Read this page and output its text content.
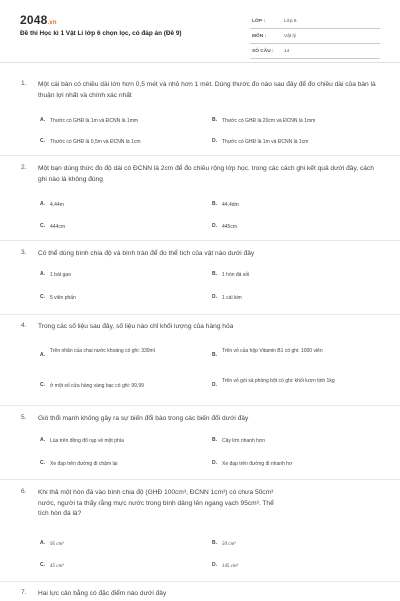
2048.vn
Đề thi Học kì 1 Vật Lí lớp 6 chọn lọc, có đáp án (Đề 9)
LỚP :	Lớp 6
MÔN :	Vật lý
SỐ CÂU : 14
1. Một cái bàn có chiều dài lớn hơn 0,5 mét và nhỏ hơn 1 mét. Dùng thước đo nào sau đây để đo chiều dài của bàn là thuận lợi nhất và chính xác nhất
A. Thước có GHĐ là 1m và ĐCNN là 1mm	B. Thước có GHĐ là 20cm và ĐCNN là 1mm
C. Thước có GHĐ là 0,5m và ĐCNN là 1cm	D. Thước có GHĐ là 1m và ĐCNN là 1cm
2. Một bạn dùng thức đo độ dài có ĐCNN là 2cm để đo chiều rộng lớp học. trong các cách ghi kết quả dưới đây, cách ghi nào là không đúng
A. 4,44m	B. 44,4dm
C. 444cm	D. 445cm
3. Có thể dùng bình chia độ và bình tràn để đo thể tích của vật nào dưới đây
A. 1 bát gạo	B. 1 hòn đá sỏi
C. 5 viên phấn	D. 1 cái kim
4. Trong các số liệu sau đây, số liệu nào chỉ khối lượng của hàng hóa
A.
Trên nhãn của chai nước khoáng có ghi: 330ml
B.
Trên vỏ của hộp Vitamin B1 có ghi: 1000 viên
C. ở một số cửa hàng vàng bạc có ghi: 99,99	D.
Trên vỏ gói xà phòng bột có ghi: khối lượn tịnh 1kg
5. Gió thổi mạnh không gây ra sự biến đổi bào trong các biến đổi dưới đây
A. Lúa trên đồng đổ rạp về một phía	B. Cây lớn nhanh hơn
C. Xe đạp trên đường đi chậm lại	D. Xe đạp trên đường đi nhanh hơ
6. Khi thả một hòn đá vào bình chia độ (GHĐ 100cm³, ĐCNN 1cm³) có chưa 50cm³
nước, người ta thấy rằng mực nước trong bình dâng lên ngang vạch 95cm³. Thể
tích hòn đá là?
A. 95 cm³	B. 50 cm³
C. 45 cm³	D. 145 cm³
7. Hai lực cân bằng có đặc điểm nào dưới đây
